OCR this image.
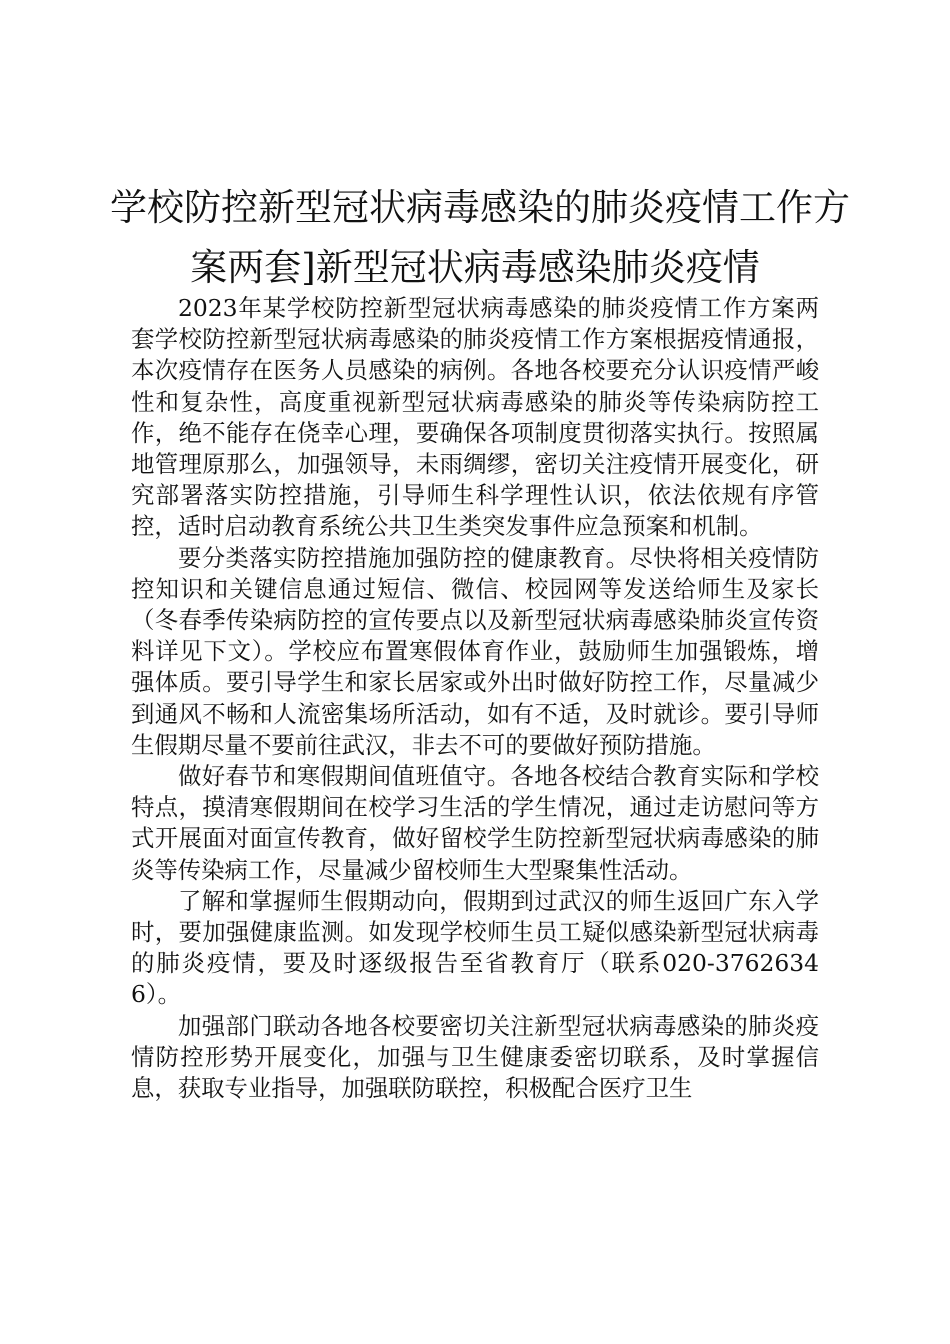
学校防控新型冠状病毒感染的肺炎疫情工作方
案两套]新型冠状病毒感染肺炎疫情

2023年某学校防控新型冠状病毒感染的肺炎疫情工作方案两套学校防控新型冠状病毒感染的肺炎疫情工作方案根据疫情通报，本次疫情存在医务人员感染的病例。各地各校要充分认识疫情严峻性和复杂性，高度重视新型冠状病毒感染的肺炎等传染病防控工作，绝不能存在侥幸心理，要确保各项制度贯彻落实执行。按照属地管理原那么，加强领导，未雨绸缪，密切关注疫情开展变化，研究部署落实防控措施，引导师生科学理性认识，依法依规有序管控，适时启动教育系统公共卫生类突发事件应急预案和机制。

要分类落实防控措施加强防控的健康教育。尽快将相关疫情防控知识和关键信息通过短信、微信、校园网等发送给师生及家长（冬春季传染病防控的宣传要点以及新型冠状病毒感染肺炎宣传资料详见下文）。学校应布置寒假体育作业，鼓励师生加强锻炼，增强体质。要引导学生和家长居家或外出时做好防控工作，尽量减少到通风不畅和人流密集场所活动，如有不适，及时就诊。要引导师生假期尽量不要前往武汉，非去不可的要做好预防措施。

做好春节和寒假期间值班值守。各地各校结合教育实际和学校特点，摸清寒假期间在校学习生活的学生情况，通过走访慰问等方式开展面对面宣传教育，做好留校学生防控新型冠状病毒感染的肺炎等传染病工作，尽量减少留校师生大型聚集性活动。

了解和掌握师生假期动向，假期到过武汉的师生返回广东入学时，要加强健康监测。如发现学校师生员工疑似感染新型冠状病毒的肺炎疫情，要及时逐级报告至省教育厅（联系020-37626346）。

加强部门联动各地各校要密切关注新型冠状病毒感染的肺炎疫情防控形势开展变化，加强与卫生健康委密切联系，及时掌握信息，获取专业指导，加强联防联控，积极配合医疗卫生
